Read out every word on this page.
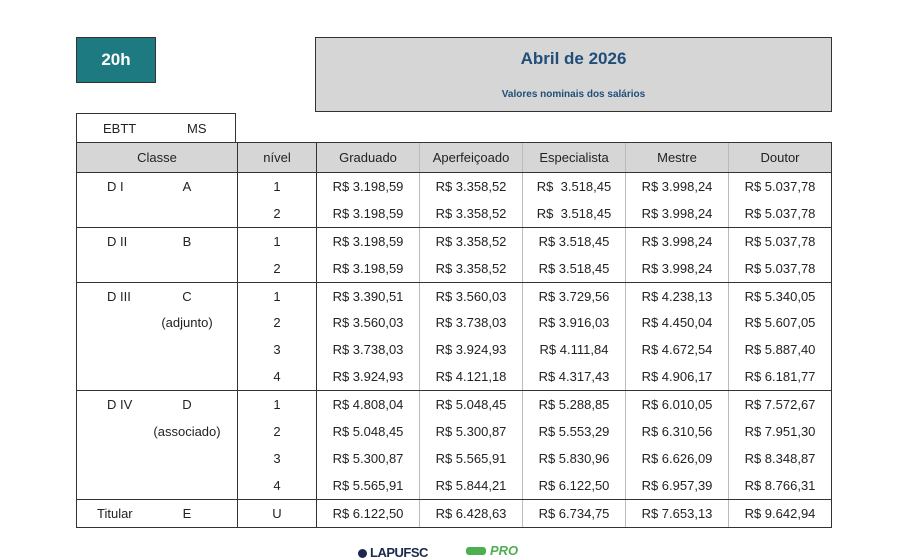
20h	Abril de 2026
Valores nominais dos salários
EBTT	MS
Classe	nível	Graduado	Aperfeiçoado	Especialista	Mestre	Doutor

D I A	1	R$ 3.198,59	R$ 3.358,52	R$  3.518,45	R$ 3.998,24	R$ 5.037,78

	2	R$ 3.198,59	R$ 3.358,52	R$  3.518,45	R$ 3.998,24	R$ 5.037,78

D II B	1	R$ 3.198,59	R$ 3.358,52	R$ 3.518,45	R$ 3.998,24	R$ 5.037,78

	2	R$ 3.198,59	R$ 3.358,52	R$ 3.518,45	R$ 3.998,24	R$ 5.037,78

D III C	1	R$ 3.390,51	R$ 3.560,03	R$ 3.729,56	R$ 4.238,13	R$ 5.340,05

(adjunto)	2	R$ 3.560,03	R$ 3.738,03	R$ 3.916,03	R$ 4.450,04	R$ 5.607,05

	3	R$ 3.738,03	R$ 3.924,93	R$ 4.111,84	R$ 4.672,54	R$ 5.887,40

	4	R$ 3.924,93	R$ 4.121,18	R$ 4.317,43	R$ 4.906,17	R$ 6.181,77

D IV D	1	R$ 4.808,04	R$ 5.048,45	R$ 5.288,85	R$ 6.010,05	R$ 7.572,67

(associado)	2	R$ 5.048,45	R$ 5.300,87	R$ 5.553,29	R$ 6.310,56	R$ 7.951,30

	3	R$ 5.300,87	R$ 5.565,91	R$ 5.830,96	R$ 6.626,09	R$ 8.348,87

	4	R$ 5.565,91	R$ 5.844,21	R$ 6.122,50	R$ 6.957,39	R$ 8.766,31

Titular E	U	R$ 6.122,50	R$ 6.428,63	R$ 6.734,75	R$ 7.653,13	R$ 9.642,94
LAPUFSC	PRO
